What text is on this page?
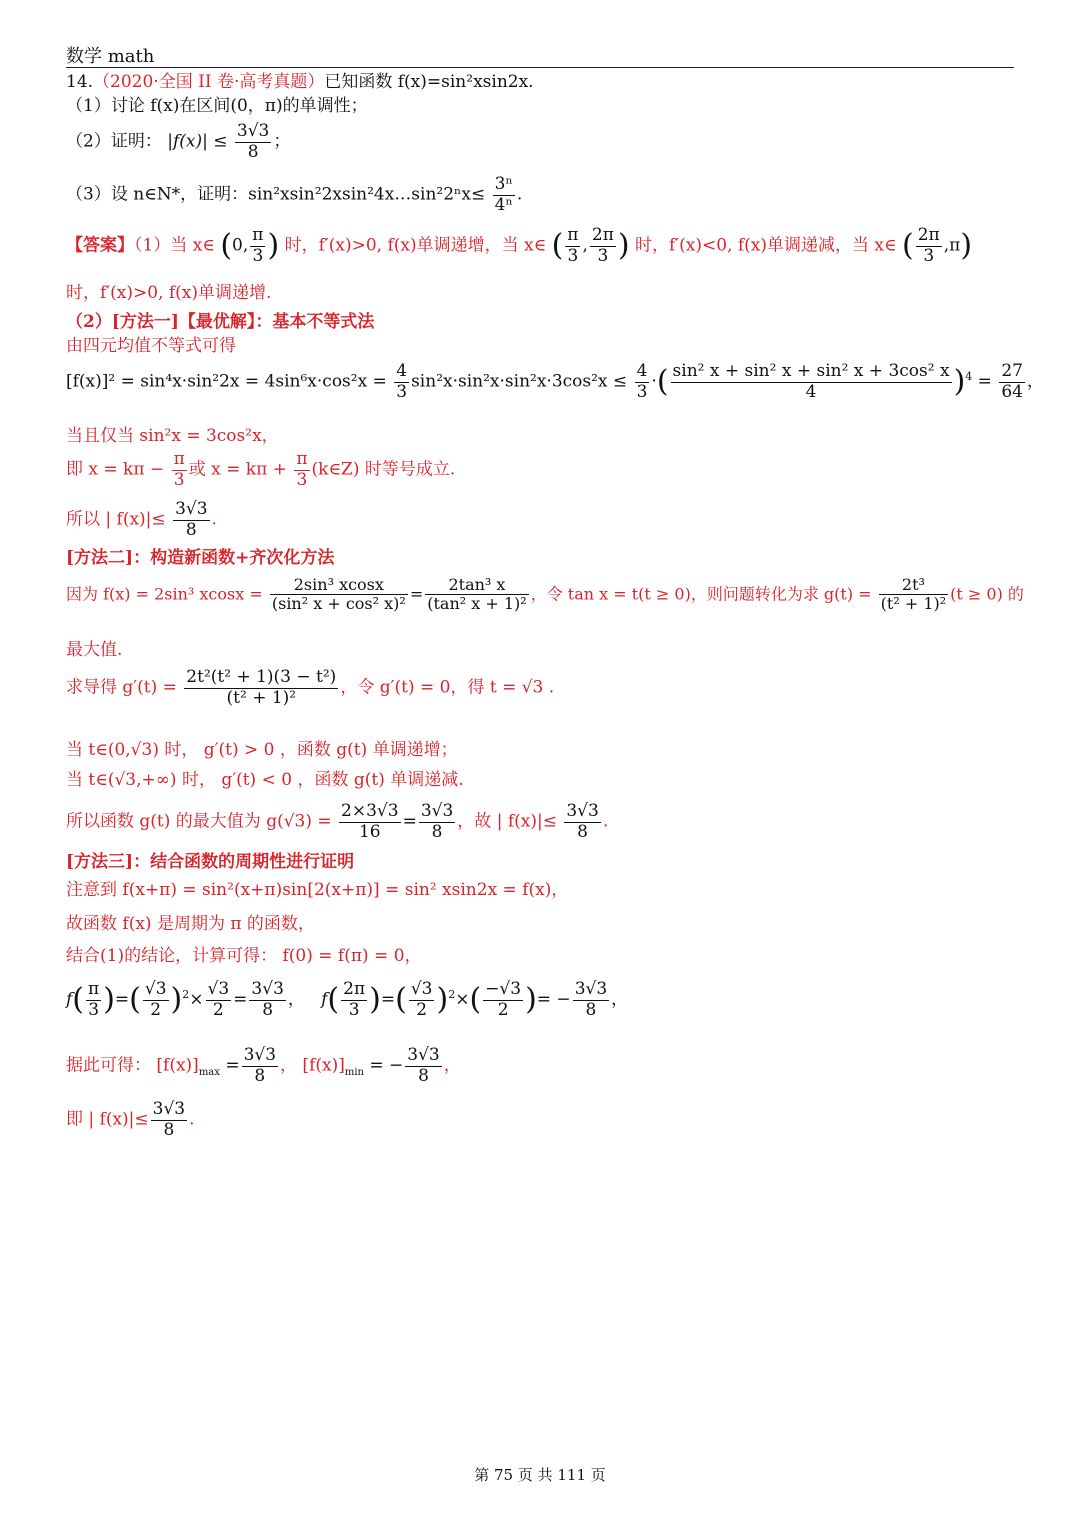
数学 math
14.（2020·全国 II 卷·高考真题）已知函数 f(x)=sin²xsin2x.
（1）讨论 f(x)在区间(0，π)的单调性；
（2）证明： $|f(x)| \le \frac{3√3}{8}$ ；
（3）设 n∈N*，证明：sin²xsin²2xsin²4x…sin²2ⁿx≤ $\frac{\text{3ⁿ}}{\text{4ⁿ}}$ .
【答案】（1）当 x∈ (0, $\frac{\pi}{3}$ ) 时，f′(x)>0, f(x)单调递增，当 x∈ ( $\frac{\pi}{3}$ , $\frac{2\pi}{3}$ ) 时，f′(x)<0, f(x)单调递减，当 x∈ ( $\frac{2\pi}{3} ,\pi$)
时，f′(x)>0, f(x)单调递增.
（2）[方法一]【最优解】：基本不等式法
由四元均值不等式可得
$[f(x)]^2 = \sin^4x\cdot\sin^22x = 4\sin^6x\cdot\cos^2x = \frac{4}{3} \sin^2x\cdot\sin^2x\cdot\sin^2x\cdot 3\cos^2x \le \frac{4}{3}$ ·( $\frac{\text{sin² x + sin² x + sin² x + 3cos² x}}{4} )^4 = \frac{27}{64}$ ，
当且仅当 sin²x = 3cos²x，
即 $x = k\pi - \frac{\pi}{3}$ 或 $x = k\pi + \frac{\pi}{3}$ (k∈Z) 时等号成立.
所以 | $f(x)|\le \frac{3√3}{8}$ .
[方法二]：构造新函数+齐次化方法
因为 f(x) = 2sin³ $xcosx = \frac{\text{2sin³ xcosx}}{\text{(sin² x + cos² x)²}} = \frac{\text{2tan³ x}}{\text{(tan² x + 1)²}}$ ，令 tan x = t(t ≥ 0)，则问题转化为求 $g(t) = \frac{\text{2t³}}{\text{(t² + 1)²}} (t \ge 0)$ 的
最大值.
求导得 $g'(t) = \frac{\text{2t²(t² + 1)(3 − t²)}}{\text{(t² + 1)²}}$ ，令 g′(t) = 0，得 t = √3 .
当 t∈(0,√3) 时， g′(t) > 0 ，函数 g(t) 单调递增；
当 t∈(√3,+∞) 时， g′(t) < 0 ，函数 g(t) 单调递减.
所以函数 g(t) 的最大值为 $g(√3) = \frac{2\times 3√3}{16} = \frac{3√3}{8}$ ，故 | $f(x)|\le \frac{3√3}{8}$ .
[方法三]：结合函数的周期性进行证明
注意到 f(x+π) = sin²(x+π)sin[2(x+π)] = sin² xsin2x = f(x)，
故函数 f(x) 是周期为 π 的函数，
结合(1)的结论，计算可得： f(0) = f(π) = 0，
$f( \frac{\pi}{3}$ )=( $\frac{√3}{2} )^2\times \frac{√3}{2} = \frac{3√3}{8}$ ， $f( \frac{2\pi}{3}$ )=( $\frac{√3}{2} )^2\times( \frac{-√3}{2}$ )= − $\frac{3√3}{8}$ ，
据此可得： $[f(x)]_{max} = \frac{3√3}{8}$ ， $[f(x)]_{min}$ = − $\frac{3√3}{8}$ ，
即 | $f(x)|\le \frac{3√3}{8}$ .
第 75 页 共 111 页
